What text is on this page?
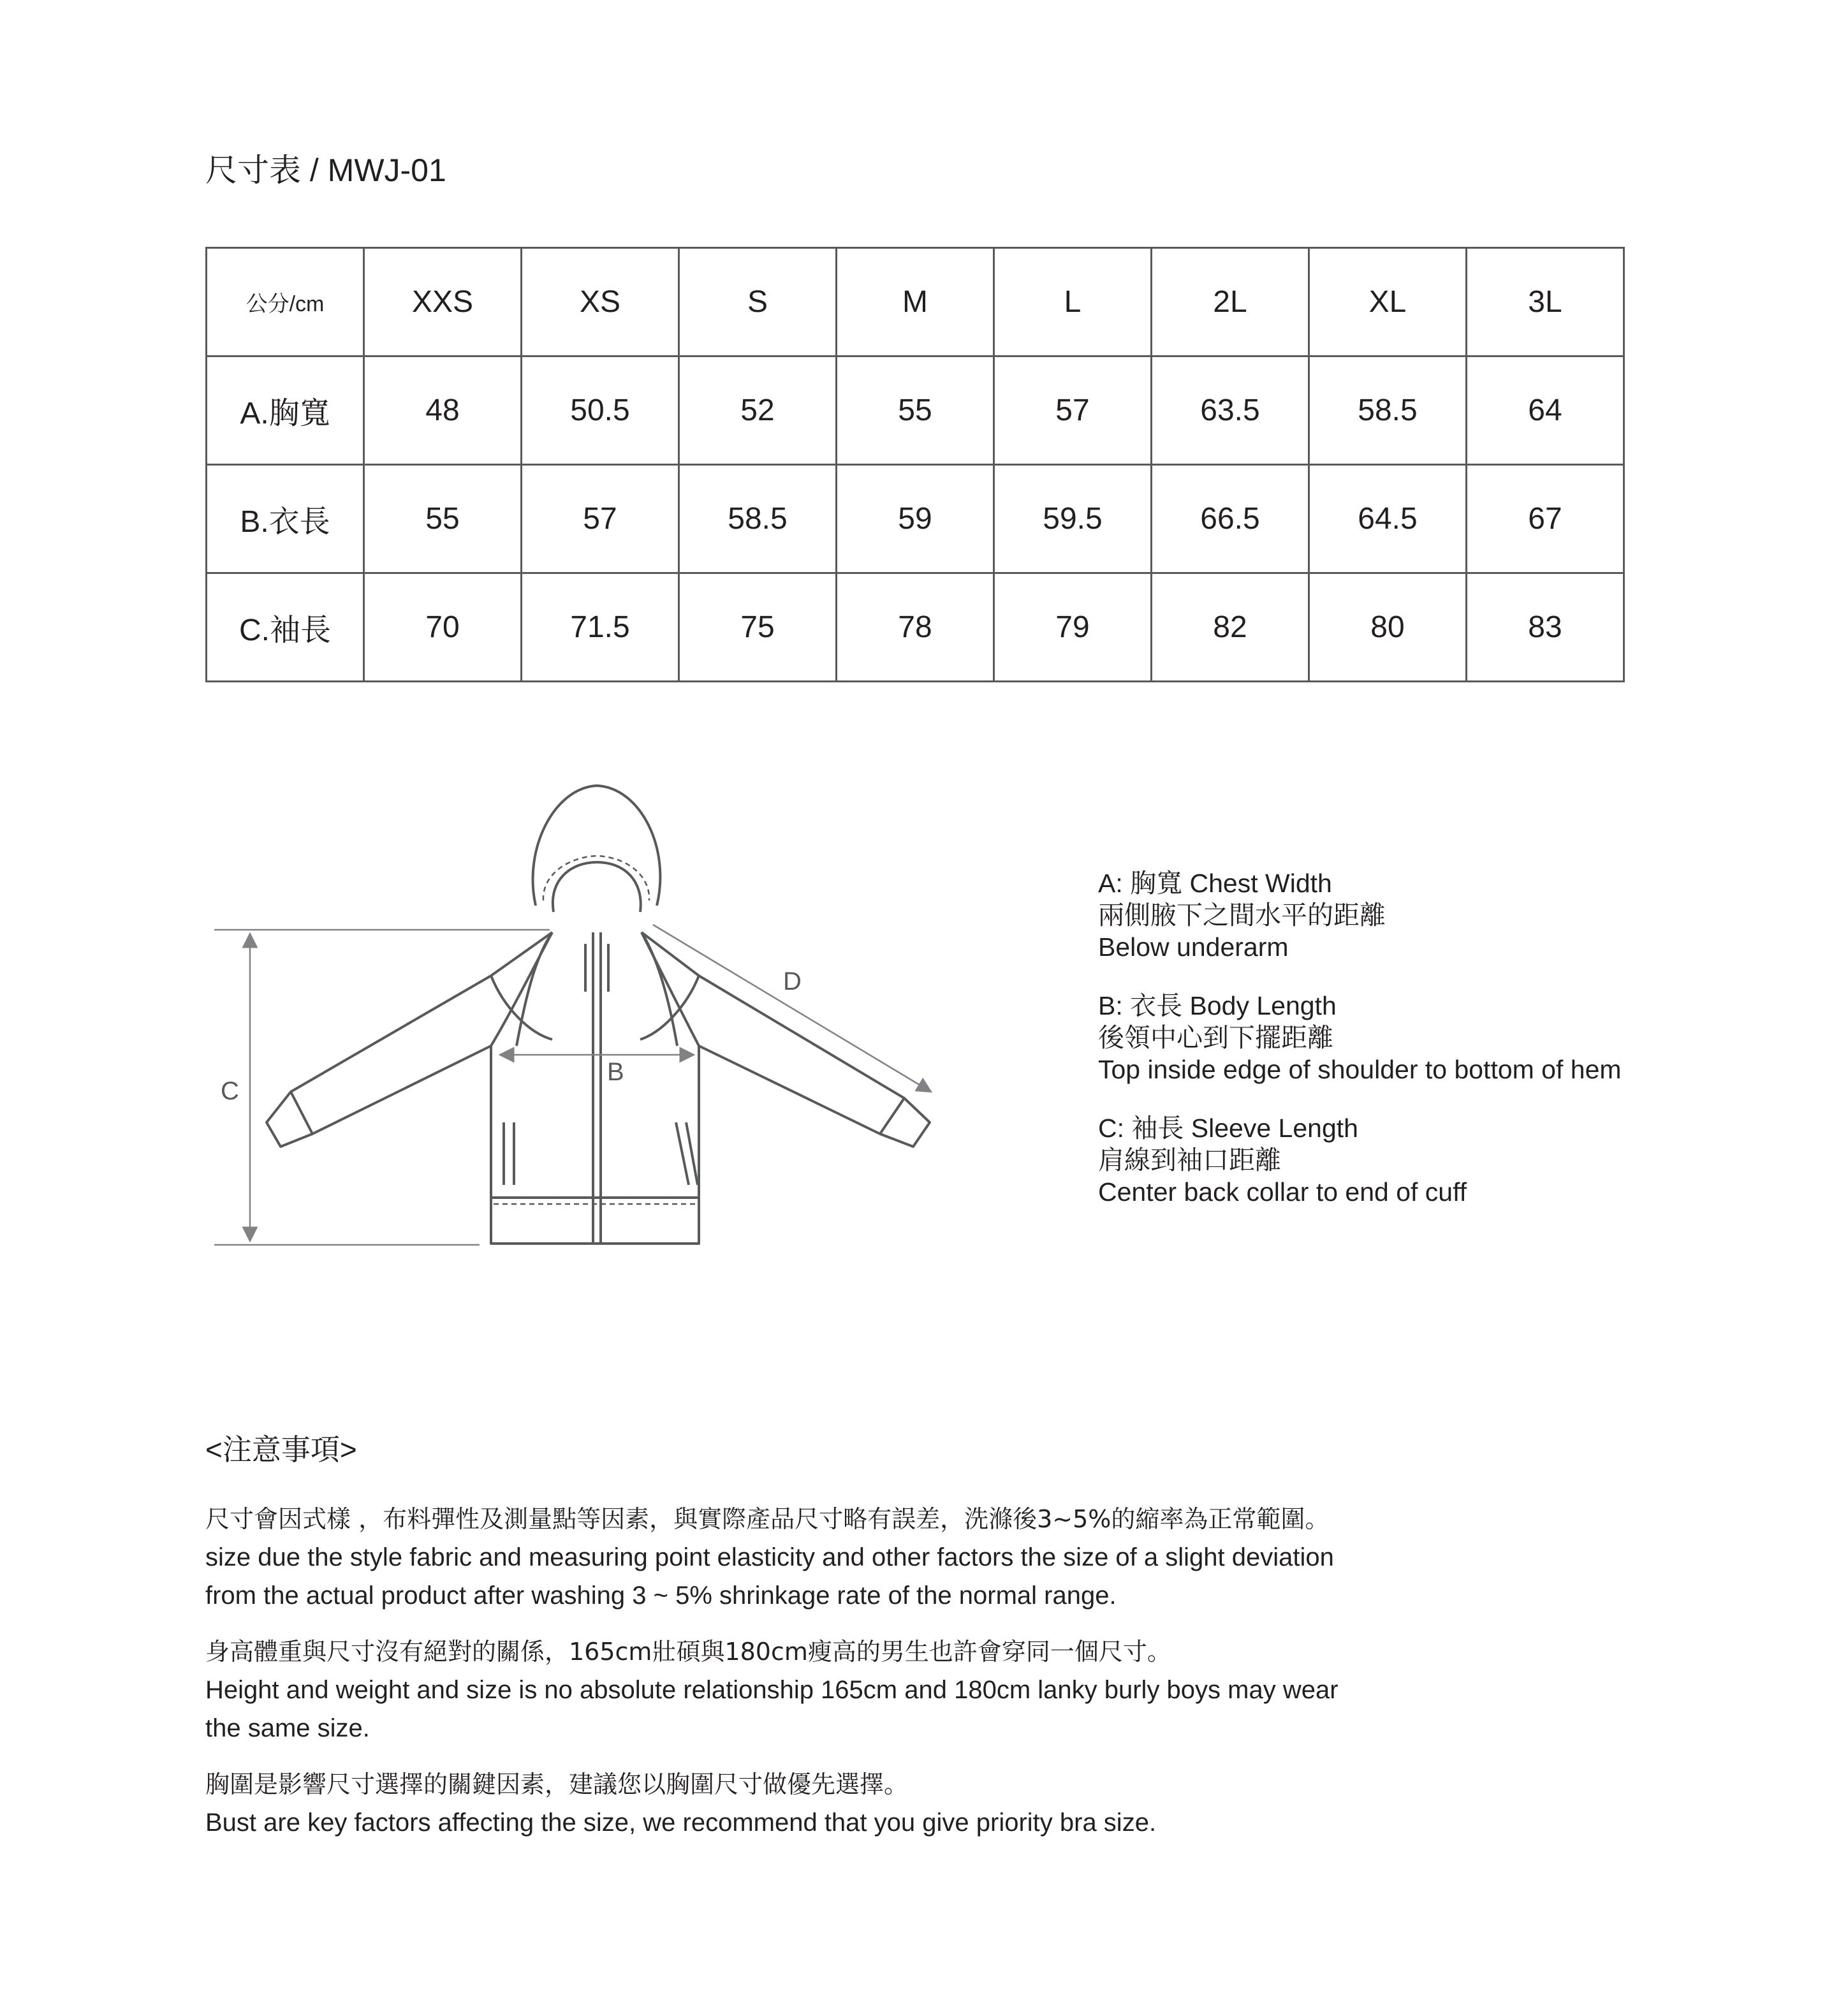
尺寸表 / MWJ-01
公分/cm	XXS	XS	S	M	L	2L	XL	3L
A.胸寬	48	50.5	52	55	57	63.5	58.5	64
B.衣長	55	57	58.5	59	59.5	66.5	64.5	67
C.袖長	70	71.5	75	78	79	82	80	83
C
B
D
A: 胸寬 Chest Width
兩側腋下之間水平的距離
Below underarm
B: 衣長 Body Length
後領中心到下擺距離
Top inside edge of shoulder to bottom of hem
C: 袖長 Sleeve Length
肩線到袖口距離
Center back collar to end of cuff
<注意事項>
尺寸會因式樣 ，布料彈性及測量點等因素，與實際產品尺寸略有誤差，洗滌後3~5%的縮率為正常範圍。
size due the style fabric and measuring point elasticity and other factors the size of a slight deviation
from the actual product after washing 3 ~ 5% shrinkage rate of the normal range.
身高體重與尺寸沒有絕對的關係，165cm壯碩與180cm瘦高的男生也許會穿同一個尺寸。
Height and weight and size is no absolute relationship 165cm and 180cm lanky burly boys may wear
the same size.
胸圍是影響尺寸選擇的關鍵因素，建議您以胸圍尺寸做優先選擇。
Bust are key factors affecting the size, we recommend that you give priority bra size.
